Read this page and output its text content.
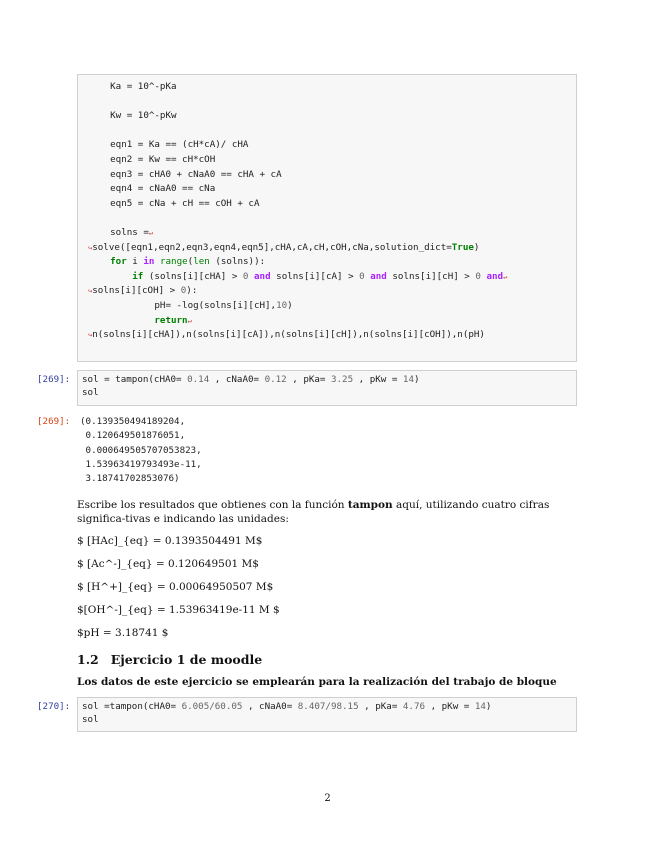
Ka = 10^-pKa
Kw = 10^-pKw
eqn1 = Ka == (cH*cA)/ cHA
eqn2 = Kw == cH*cOH
eqn3 = cHA0 + cNaA0 == cHA + cA
eqn4 = cNaA0 == cNa
eqn5 = cNa + cH == cOH + cA
solns =↵
↪solve([eqn1,eqn2,eqn3,eqn4,eqn5],cHA,cA,cH,cOH,cNa,solution_dict=True)
for i in range(len (solns)):
if (solns[i][cHA] > 0 and solns[i][cA] > 0 and solns[i][cH] > 0 and↵
↪solns[i][cOH] > 0):
pH= -log(solns[i][cH],10)
return↵
↪n(solns[i][cHA]),n(solns[i][cA]),n(solns[i][cH]),n(solns[i][cOH]),n(pH)
[269]: sol = tampon(cHA0= 0.14 , cNaA0= 0.12 , pKa= 3.25 , pKw = 14)
sol
[269]: (0.139350494189204,
0.120649501876051,
0.000649505707053823,
1.53963419793493e-11,
3.18741702853076)
Escribe los resultados que obtienes con la función tampon aquí, utilizando cuatro cifras significa-tivas e indicando las unidades:
$ [HAc]_{eq} = 0.1393504491 M$
$ [Ac^-]_{eq} = 0.120649501 M$
$ [H^+]_{eq} = 0.00064950507 M$
$[OH^-]_{eq} = 1.53963419e-11 M $
$pH = 3.18741 $
1.2 Ejercicio 1 de moodle
Los datos de este ejercicio se emplearán para la realización del trabajo de bloque
[270]: sol =tampon(cHA0= 6.005/60.05 , cNaA0= 8.407/98.15 , pKa= 4.76 , pKw = 14)
sol
2
